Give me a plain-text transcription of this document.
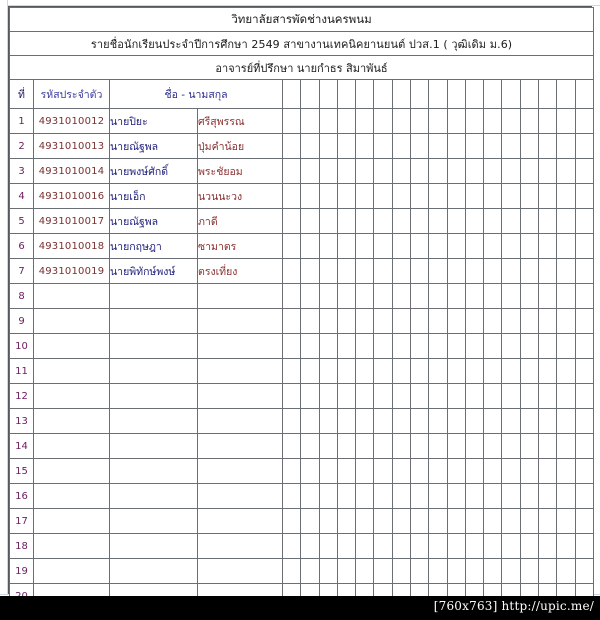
วิทยาลัยสารพัดช่างนครพนม																				
รายชื่อนักเรียนประจำปีการศึกษา 2549 สาขางานเทคนิคยานยนต์ ปวส.1 ( วุฒิเดิม ม.6)																				
อาจารย์ที่ปรึกษา นายกำธร สิมาพันธ์																				
ที่	รหัสประจำตัว	ชื่อ - นามสกุล																		
1	4931010012	นายปิยะ	ศรีสุพรรณ																	
2	4931010013	นายณัฐพล	ปุ่มคำน้อย																	
3	4931010014	นายพงษ์ศักดิ์	พระชัยอม																	
4	4931010016	นายเอ็ก	นวนนะวง																	
5	4931010017	นายณัฐพล	ภาดี																	
6	4931010018	นายกฤษฎา	ซามาตร																	
7	4931010019	นายพิทักษ์พงษ์	ตรงเที่ยง																	
8																				
9																				
10																				
11																				
12																				
13																				
14																				
15																				
16																				
17																				
18																				
19																				

[760x763] http://upic.me/
